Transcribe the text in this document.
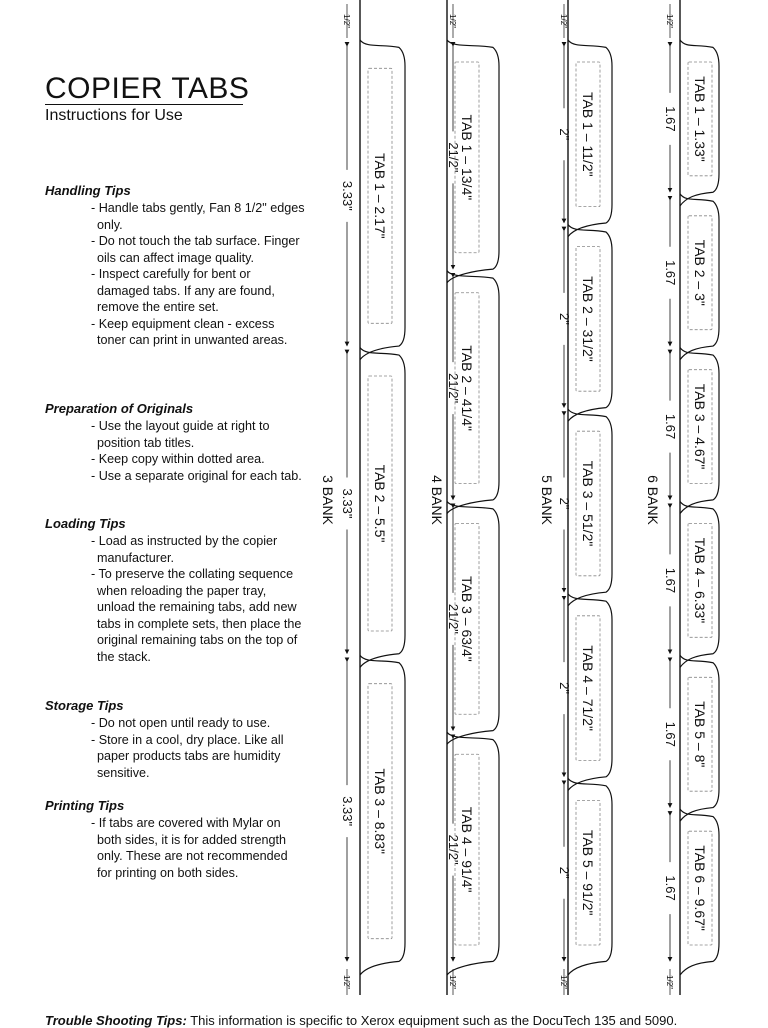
COPIER TABS
Instructions for Use
Handling Tips
- Handle tabs gently, Fan 8 1/2" edges only.
- Do not touch the tab surface. Finger oils can affect image quality.
- Inspect carefully for bent or damaged tabs. If any are found, remove the entire set.
- Keep equipment clean - excess toner can print in unwanted areas.
Preparation of Originals
- Use the layout guide at right to position tab titles.
- Keep copy within dotted area.
- Use a separate original for each tab.
Loading Tips
- Load as instructed by the copier manufacturer.
- To preserve the collating sequence when reloading the paper tray, unload the remaining tabs, add new tabs in complete sets, then place the original remaining tabs on the top of the stack.
Storage Tips
- Do not open until ready to use.
- Store in a cool, dry place. Like all paper products tabs are humidity sensitive.
Printing Tips
- If tabs are covered with Mylar on both sides, it is for added strength only. These are not recommended for printing on both sides.
Trouble Shooting Tips: This information is specific to Xerox equipment such as the DocuTech 135 and 5090.
TAB 1 – 2.17"
3.33"
TAB 2 – 5.5"
3.33"
TAB 3 – 8.83"
3.33"
1/2"
1/2"
3 BANK
TAB 1 – 13/4"
21/2"
TAB 2 – 41/4"
21/2"
TAB 3 – 63/4"
21/2"
TAB 4 – 91/4"
21/2"
1/2"
1/2"
4 BANK
TAB 1 – 11/2"
2"
TAB 2 – 31/2"
2"
TAB 3 – 51/2"
2"
TAB 4 – 71/2"
2"
TAB 5 – 91/2"
2"
1/2"
1/2"
5 BANK
TAB 1 – 1.33"
1.67
TAB 2 – 3"
1.67
TAB 3 – 4.67"
1.67
TAB 4 – 6.33"
1.67
TAB 5 – 8"
1.67
TAB 6 – 9.67"
1.67
1/2"
1/2"
6 BANK
